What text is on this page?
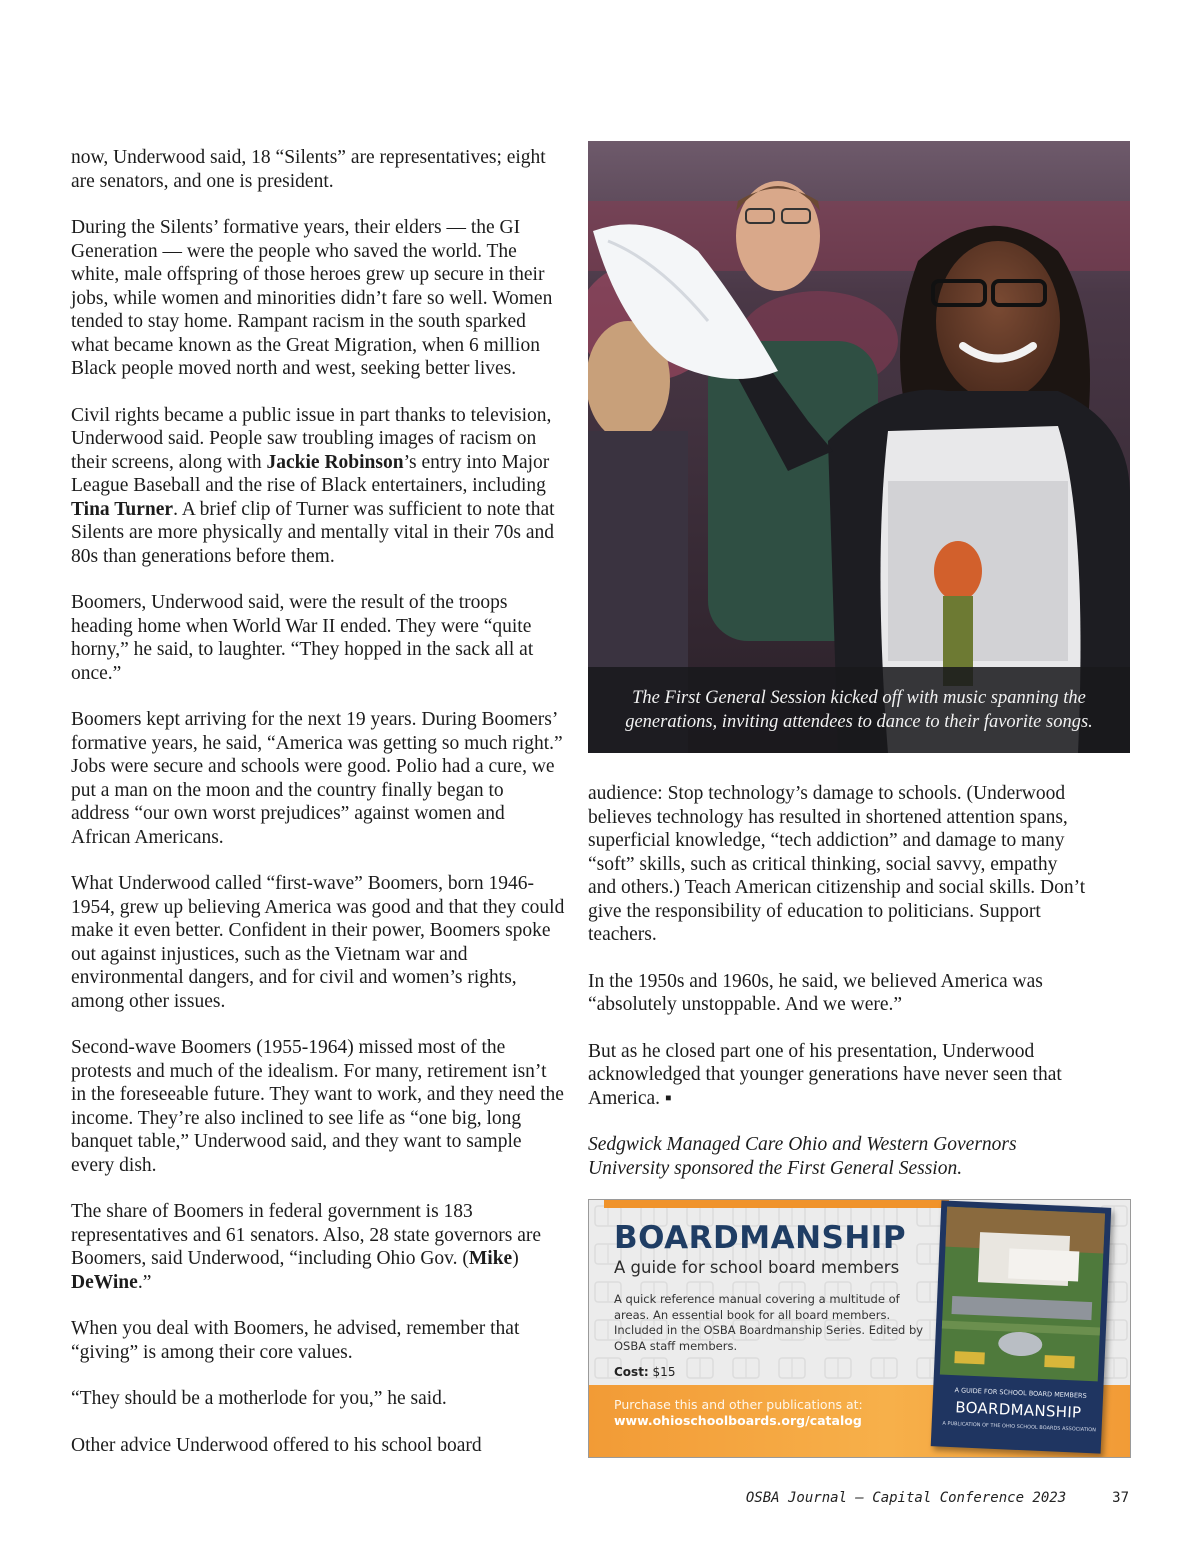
now, Underwood said, 18 “Silents” are representatives; eight are senators, and one is president.

During the Silents’ formative years, their elders — the GI Generation — were the people who saved the world. The white, male offspring of those heroes grew up secure in their jobs, while women and minorities didn’t fare so well. Women tended to stay home. Rampant racism in the south sparked what became known as the Great Migration, when 6 million Black people moved north and west, seeking better lives.

Civil rights became a public issue in part thanks to television, Underwood said. People saw troubling images of racism on their screens, along with Jackie Robinson’s entry into Major League Baseball and the rise of Black entertainers, including Tina Turner. A brief clip of Turner was sufficient to note that Silents are more physically and mentally vital in their 70s and 80s than generations before them.

Boomers, Underwood said, were the result of the troops heading home when World War II ended. They were “quite horny,” he said, to laughter. “They hopped in the sack all at once.”

Boomers kept arriving for the next 19 years. During Boomers’ formative years, he said, “America was getting so much right.” Jobs were secure and schools were good. Polio had a cure, we put a man on the moon and the country finally began to address “our own worst prejudices” against women and African Americans.

What Underwood called “first-wave” Boomers, born 1946-1954, grew up believing America was good and that they could make it even better. Confident in their power, Boomers spoke out against injustices, such as the Vietnam war and environmental dangers, and for civil and women’s rights, among other issues.

Second-wave Boomers (1955-1964) missed most of the protests and much of the idealism. For many, retirement isn’t in the foreseeable future. They want to work, and they need the income. They’re also inclined to see life as “one big, long banquet table,” Underwood said, and they want to sample every dish.

The share of Boomers in federal government is 183 representatives and 61 senators. Also, 28 state governors are Boomers, said Underwood, “including Ohio Gov. (Mike) DeWine.”

When you deal with Boomers, he advised, remember that “giving” is among their core values.

“They should be a motherlode for you,” he said.

Other advice Underwood offered to his school board

The First General Session kicked off with music spanning the
generations, inviting attendees to dance to their favorite songs.

audience: Stop technology’s damage to schools. (Underwood believes technology has resulted in shortened attention spans, superficial knowledge, “tech addiction” and damage to many “soft” skills, such as critical thinking, social savvy, empathy and others.) Teach American citizenship and social skills. Don’t give the responsibility of education to politicians. Support teachers.

In the 1950s and 1960s, he said, we believed America was “absolutely unstoppable. And we were.”

But as he closed part one of his presentation, Underwood acknowledged that younger generations have never seen that America. ▪

Sedgwick Managed Care Ohio and Western Governors University sponsored the First General Session.

BOARDMANSHIP
A guide for school board members
A quick reference manual covering a multitude of areas. An essential book for all board members. Included in the OSBA Boardmanship Series. Edited by OSBA staff members.
Cost: $15
Purchase this and other publications at:
www.ohioschoolboards.org/catalog
A GUIDE FOR SCHOOL BOARD MEMBERS
BOARDMANSHIP
A PUBLICATION OF THE OHIO SCHOOL BOARDS ASSOCIATION
OSBA Journal — Capital Conference 2023	37
